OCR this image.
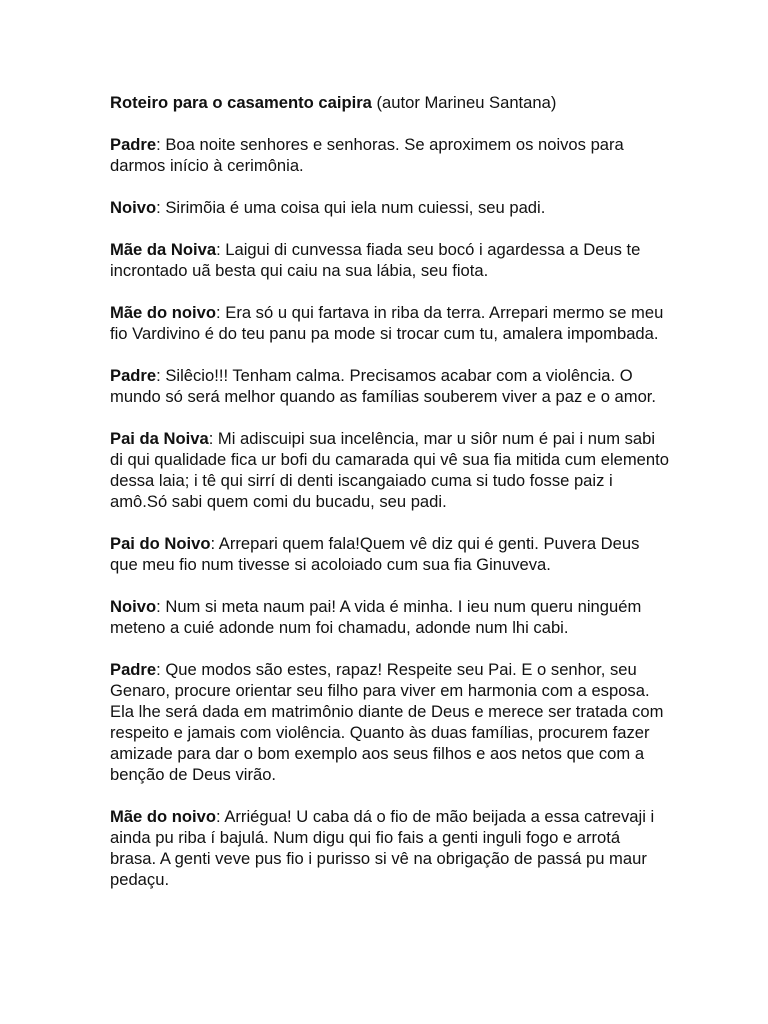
Roteiro para o casamento caipira (autor Marineu Santana)

Padre: Boa noite senhores e senhoras. Se aproximem os noivos para darmos início à cerimônia.

Noivo: Sirimõia é uma coisa qui iela num cuiessi, seu padi.

Mãe da Noiva: Laigui di cunvessa fiada seu bocó i agardessa a Deus te incrontado uã besta qui caiu na sua lábia, seu fiota.

Mãe do noivo: Era só u qui fartava in riba da terra. Arrepari mermo se meu fio Vardivino é do teu panu pa mode si trocar cum tu, amalera impombada.

Padre: Silêcio!!! Tenham calma. Precisamos acabar com a violência. O mundo só será melhor quando as famílias souberem viver a paz e o amor.

Pai da Noiva: Mi adiscuipi sua incelência, mar u siôr num é pai i num sabi di qui qualidade fica ur bofi du camarada qui vê sua fia mitida cum elemento dessa laia; i tê qui sirrí di denti iscangaiado cuma si tudo fosse paiz i amô.Só sabi quem comi du bucadu, seu padi.

Pai do Noivo: Arrepari quem fala!Quem vê diz qui é genti. Puvera Deus que meu fio num tivesse si acoloiado cum sua fia Ginuveva.

Noivo: Num si meta naum pai! A vida é minha. I ieu num queru ninguém meteno a cuié adonde num foi chamadu, adonde num lhi cabi.

Padre: Que modos são estes, rapaz! Respeite seu Pai. E o senhor, seu Genaro, procure orientar seu filho para viver em harmonia com a esposa. Ela lhe será dada em matrimônio diante de Deus e merece ser tratada com respeito e jamais com violência. Quanto às duas famílias, procurem fazer amizade para dar o bom exemplo aos seus filhos e aos netos que com a benção de Deus virão.

Mãe do noivo: Arriégua! U caba dá o fio de mão beijada a essa catrevaji i ainda pu riba í bajulá. Num digu qui fio fais a genti inguli fogo e arrotá brasa. A genti veve pus fio i purisso si vê na obrigação de passá pu maur pedaçu.
